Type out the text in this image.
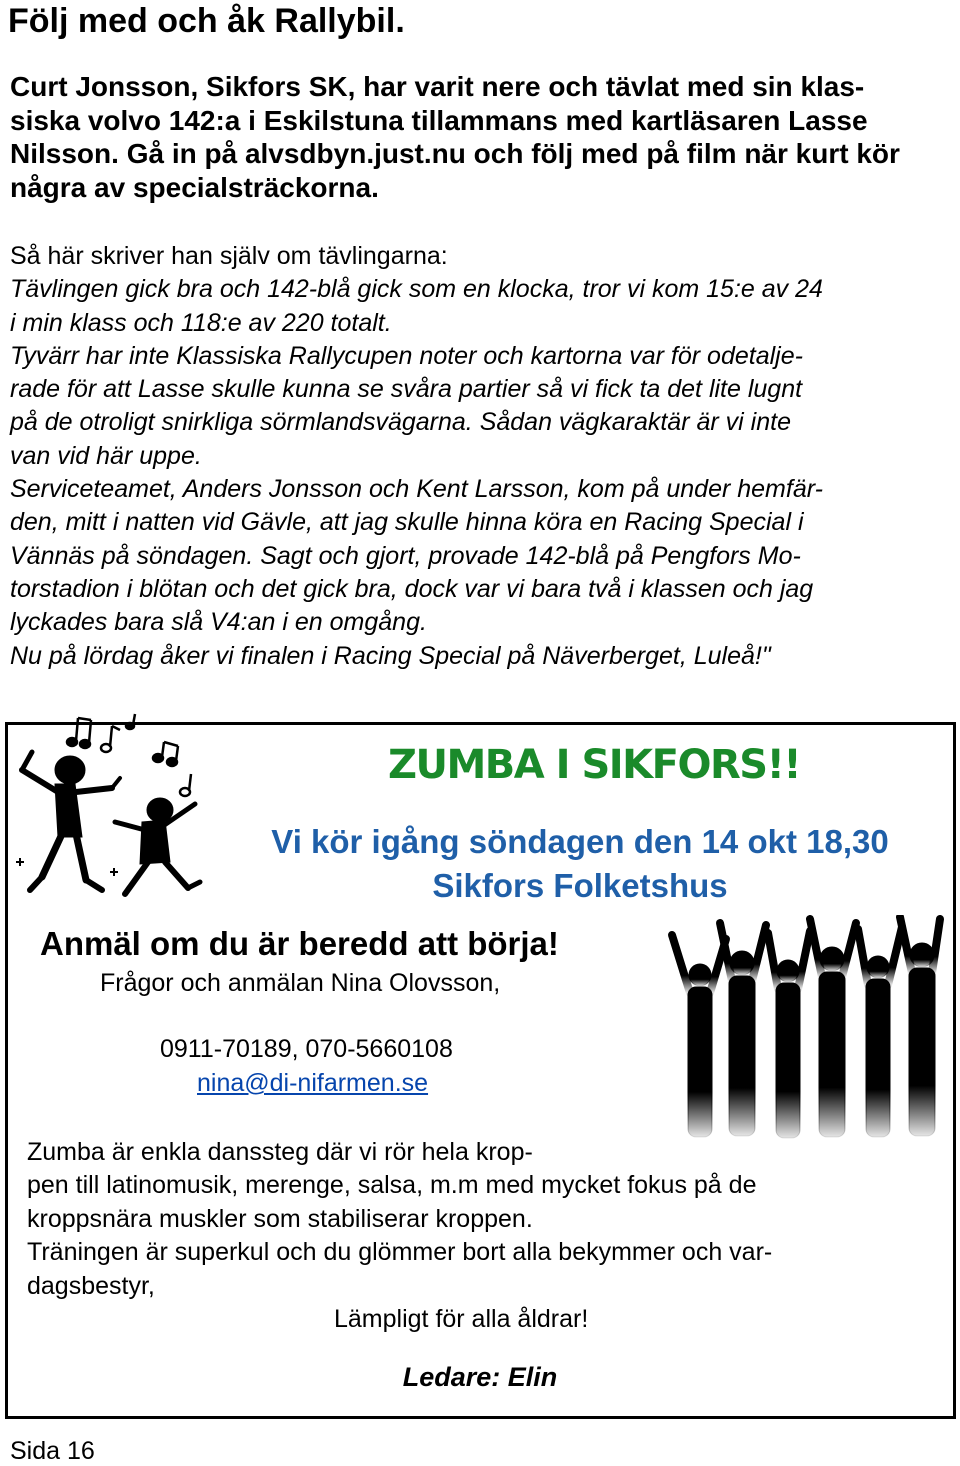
Följ med och åk Rallybil.
Curt Jonsson, Sikfors SK, har varit nere och tävlat med sin klas-
siska volvo 142:a i Eskilstuna tillammans med kartläsaren Lasse
Nilsson. Gå in på alvsdbyn.just.nu och följ med på film när kurt kör
några av specialsträckorna.
Så här skriver han själv om tävlingarna:
Tävlingen gick bra och 142-blå gick som en klocka, tror vi kom 15:e av 24
i min klass och 118:e av 220 totalt.
Tyvärr har inte Klassiska Rallycupen noter och kartorna var för odetalje-
rade för att Lasse skulle kunna se svåra partier så vi fick ta det lite lugnt
på de otroligt snirkliga sörmlandsvägarna. Sådan vägkaraktär är vi inte
van vid här uppe.
Serviceteamet, Anders Jonsson och Kent Larsson, kom på under hemfär-
den, mitt i natten vid Gävle, att jag skulle hinna köra en Racing Special i
Vännäs på söndagen. Sagt och gjort, provade 142-blå på Pengfors Mo-
torstadion i blötan och det gick bra, dock var vi bara två i klassen och jag
lyckades bara slå V4:an i en omgång.
Nu på lördag åker vi finalen i Racing Special på Näverberget, Luleå!"
ZUMBA I SIKFORS!!
Vi kör igång söndagen den 14 okt 18,30
Sikfors Folketshus
Anmäl om du är beredd att börja!
Frågor och anmälan Nina Olovsson,
0911-70189, 070-5660108
nina@di-nifarmen.se
Zumba är enkla danssteg där vi rör hela krop-
pen till latinomusik, merenge, salsa, m.m med mycket fokus på de
kroppsnära muskler som stabiliserar kroppen.
Träningen är superkul och du glömmer bort alla bekymmer och var-
dagsbestyr,
Lämpligt för alla åldrar!
Ledare: Elin
Sida 16
